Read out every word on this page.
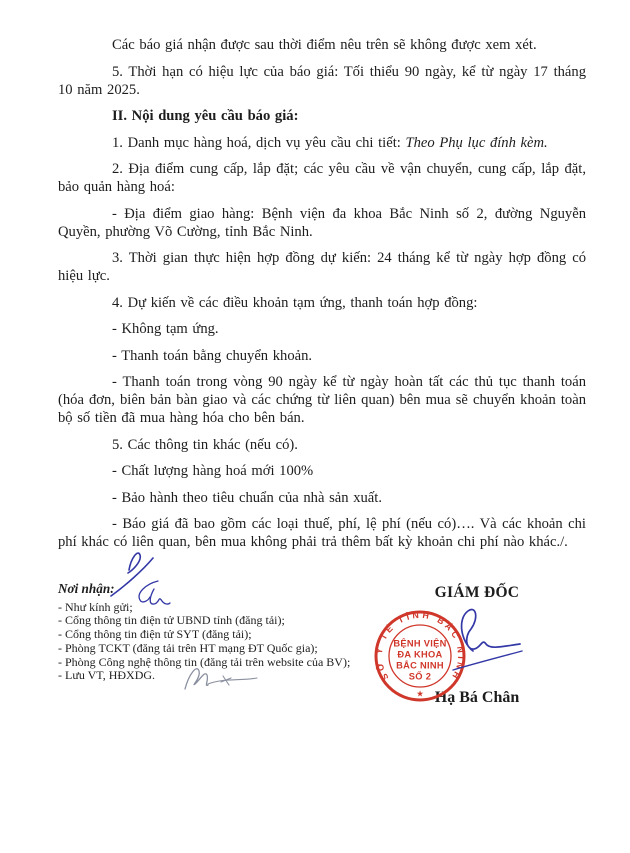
Các báo giá nhận được sau thời điểm nêu trên sẽ không được xem xét.

5. Thời hạn có hiệu lực của báo giá: Tối thiểu 90 ngày, kể từ ngày 17 tháng 10 năm 2025.

II. Nội dung yêu cầu báo giá:

1. Danh mục hàng hoá, dịch vụ yêu cầu chi tiết: Theo Phụ lục đính kèm.

2. Địa điểm cung cấp, lắp đặt; các yêu cầu về vận chuyển, cung cấp, lắp đặt, bảo quản hàng hoá:

- Địa điểm giao hàng: Bệnh viện đa khoa Bắc Ninh số 2, đường Nguyễn Quyền, phường Võ Cường, tỉnh Bắc Ninh.

3. Thời gian thực hiện hợp đồng dự kiến: 24 tháng kể từ ngày hợp đồng có hiệu lực.

4. Dự kiến về các điều khoản tạm ứng, thanh toán hợp đồng:

- Không tạm ứng.

- Thanh toán bằng chuyển khoản.

- Thanh toán trong vòng 90 ngày kể từ ngày hoàn tất các thủ tục thanh toán (hóa đơn, biên bản bàn giao và các chứng từ liên quan) bên mua sẽ chuyển khoản toàn bộ số tiền đã mua hàng hóa cho bên bán.

5. Các thông tin khác (nếu có).

- Chất lượng hàng hoá mới 100%

- Bảo hành theo tiêu chuẩn của nhà sản xuất.

- Báo giá đã bao gồm các loại thuế, phí, lệ phí (nếu có)…. Và các khoản chi phí khác có liên quan, bên mua không phải trả thêm bất kỳ khoản chi phí nào khác./.

Nơi nhận:
- Như kính gửi;
- Cổng thông tin điện tử UBND tỉnh (đăng tải);
- Cổng thông tin điện tử SYT (đăng tải);
- Phòng TCKT (đăng tải trên HT mạng ĐT Quốc gia);
- Phòng Công nghệ thông tin (đăng tải trên website của BV);
- Lưu VT, HĐXDG.
GIÁM ĐỐC
Hạ Bá Chân
SỞ Y TẾ TỈNH BẮC NINH
★
BỆNH VIỆN
ĐA KHOA
BẮC NINH
SỐ 2
